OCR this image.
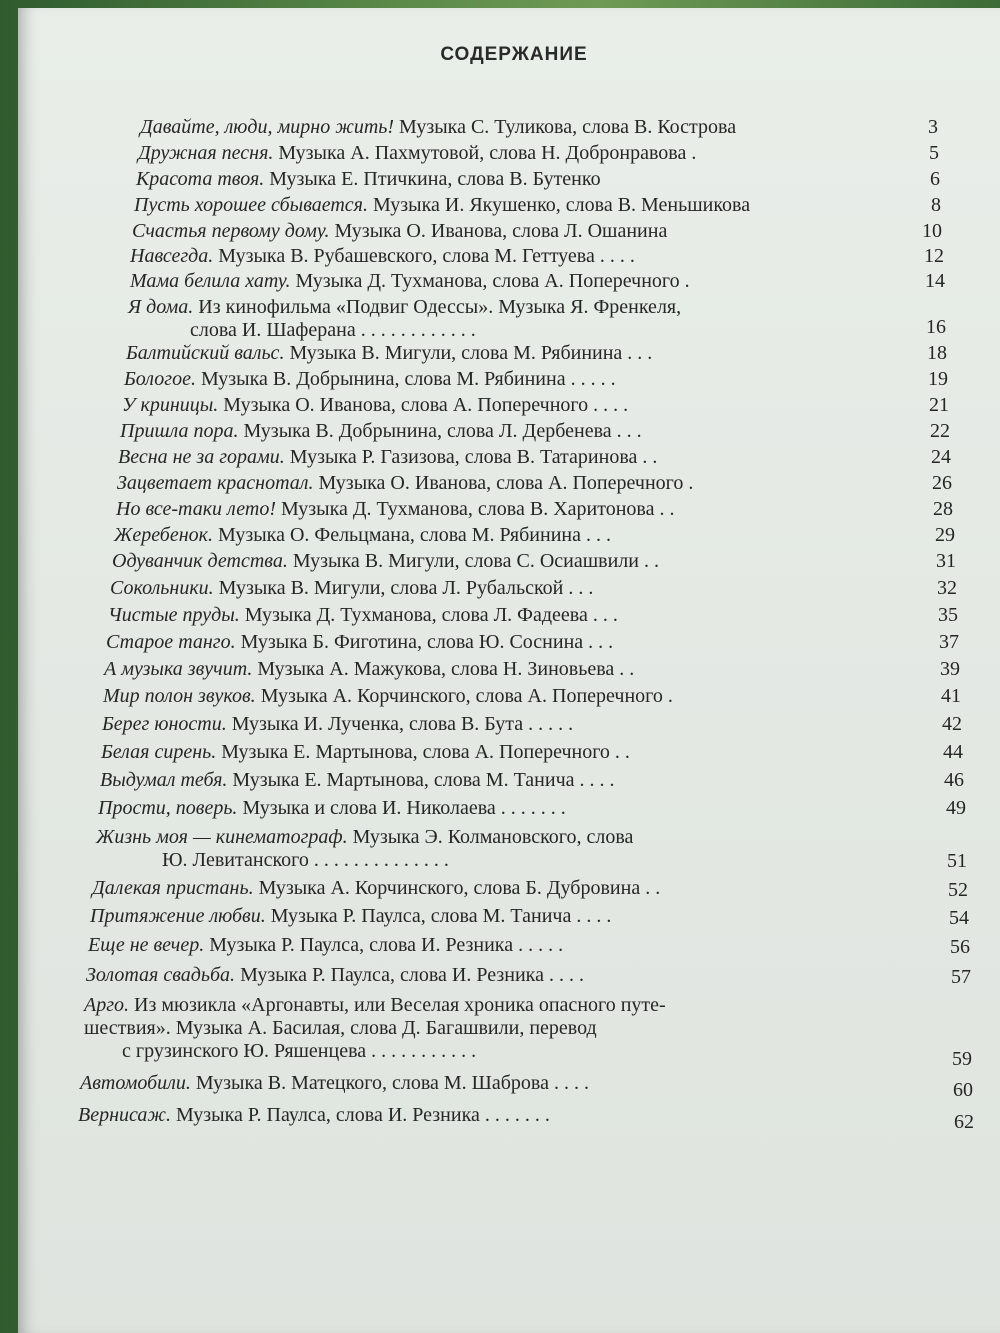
СОДЕРЖАНИЕ
Давайте, люди, мирно жить! Музыка С. Туликова, слова В. Кострова	3
Дружная песня. Музыка А. Пахмутовой, слова Н. Добронравова .	5
Красота твоя. Музыка Е. Птичкина, слова В. Бутенко	6
Пусть хорошее сбывается. Музыка И. Якушенко, слова В. Меньшикова	8
Счастья первому дому. Музыка О. Иванова, слова Л. Ошанина	10
Навсегда. Музыка В. Рубашевского, слова М. Геттуева . . . .	12
Мама белила хату. Музыка Д. Тухманова, слова А. Поперечного .	14
Я дома. Из кинофильма «Подвиг Одессы». Музыка Я. Френкеля,
слова И. Шаферана . . . . . . . . . . . .	16
Балтийский вальс. Музыка В. Мигули, слова М. Рябинина . . .	18
Бологое. Музыка В. Добрынина, слова М. Рябинина . . . . .	19
У криницы. Музыка О. Иванова, слова А. Поперечного . . . .	21
Пришла пора. Музыка В. Добрынина, слова Л. Дербенева . . .	22
Весна не за горами. Музыка Р. Газизова, слова В. Татаринова . .	24
Зацветает краснотал. Музыка О. Иванова, слова А. Поперечного .	26
Но все-таки лето! Музыка Д. Тухманова, слова В. Харитонова . .	28
Жеребенок. Музыка О. Фельцмана, слова М. Рябинина . . .	29
Одуванчик детства. Музыка В. Мигули, слова С. Осиашвили . .	31
Сокольники. Музыка В. Мигули, слова Л. Рубальской . . .	32
Чистые пруды. Музыка Д. Тухманова, слова Л. Фадеева . . .	35
Старое танго. Музыка Б. Фиготина, слова Ю. Соснина . . .	37
А музыка звучит. Музыка А. Мажукова, слова Н. Зиновьева . .	39
Мир полон звуков. Музыка А. Корчинского, слова А. Поперечного .	41
Берег юности. Музыка И. Лученка, слова В. Бута . . . . .	42
Белая сирень. Музыка Е. Мартынова, слова А. Поперечного . .	44
Выдумал тебя. Музыка Е. Мартынова, слова М. Танича . . . .	46
Прости, поверь. Музыка и слова И. Николаева . . . . . . .	49
Жизнь моя — кинематограф. Музыка Э. Колмановского, слова
Ю. Левитанского . . . . . . . . . . . . . .	51
Далекая пристань. Музыка А. Корчинского, слова Б. Дубровина . .	52
Притяжение любви. Музыка Р. Паулса, слова М. Танича . . . .	54
Еще не вечер. Музыка Р. Паулса, слова И. Резника . . . . .	56
Золотая свадьба. Музыка Р. Паулса, слова И. Резника . . . .	57
Арго. Из мюзикла «Аргонавты, или Веселая хроника опасного путе-
шествия». Музыка А. Басилая, слова Д. Багашвили, перевод
с грузинского Ю. Ряшенцева . . . . . . . . . . .	59
Автомобили. Музыка В. Матецкого, слова М. Шаброва . . . .	60
Вернисаж. Музыка Р. Паулса, слова И. Резника . . . . . . .	62
